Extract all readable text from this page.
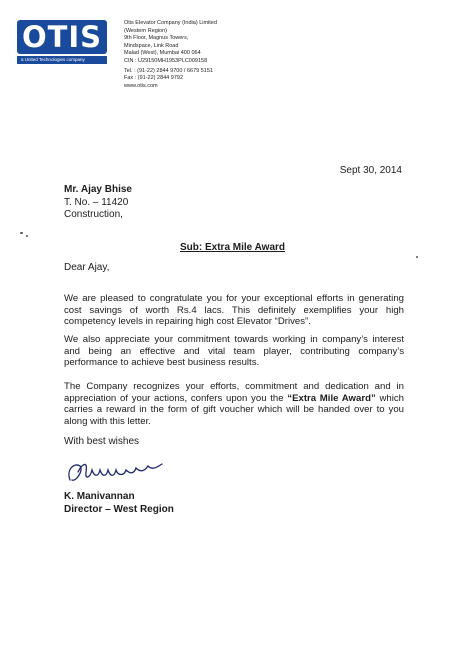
OTIS
a United Technologies company
Otis Elevator Company (India) Limited
(Western Region)
9th Floor, Magnus Towers,
Mindspace, Link Road
Malad (West), Mumbai 400 064
CIN : U29150MH1953PLC009158
Tel. : (91-22) 2844 9700 / 6679 5151
Fax : (91-22) 2844 9792
www.otis.com
Sept 30, 2014
Mr. Ajay Bhise
T. No. – 11420
Construction,
Sub: Extra Mile Award
Dear Ajay,
We are pleased to congratulate you for your exceptional efforts in generating cost savings of worth Rs.4 lacs. This definitely exemplifies your high competency levels in repairing high cost Elevator “Drives”.
We also appreciate your commitment towards working in company’s interest and being an effective and vital team player, contributing company’s performance to achieve best business results.
The Company recognizes your efforts, commitment and dedication and in appreciation of your actions, confers upon you the “Extra Mile Award” which carries a reward in the form of gift voucher which will be handed over to you along with this letter.
With best wishes
K. Manivannan
Director – West Region
